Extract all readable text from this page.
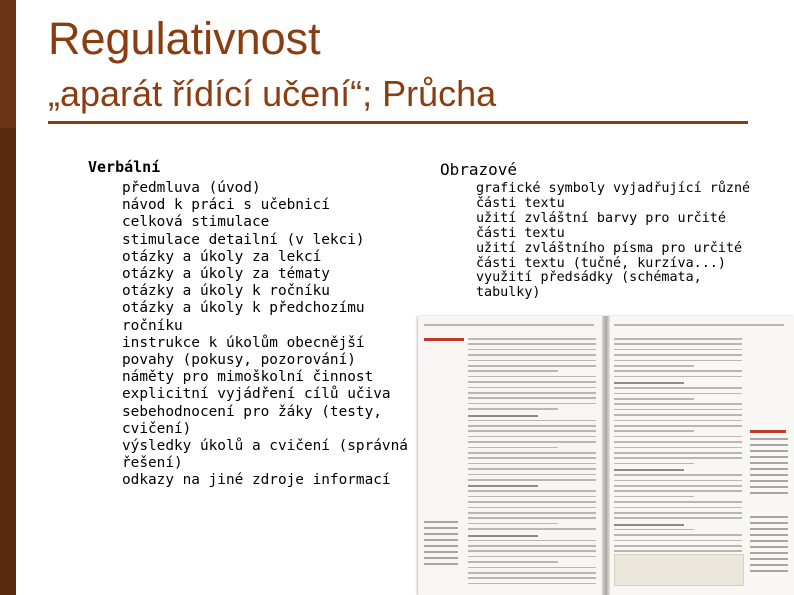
Regulativnost
„aparát řídící učení“; Průcha
Verbální
předmluva (úvod)
návod k práci s učebnicí
celková stimulace
stimulace detailní (v lekci)
otázky a úkoly za lekcí
otázky a úkoly za tématy
otázky a úkoly k ročníku
otázky a úkoly k předchozímu ročníku
instrukce k úkolům obecnější povahy (pokusy, pozorování)
náměty pro mimoškolní činnost
explicitní vyjádření cílů učiva
sebehodnocení pro žáky (testy, cvičení)
výsledky úkolů a cvičení (správná řešení)
odkazy na jiné zdroje informací
Obrazové
grafické symboly vyjadřující různé části textu
užití zvláštní barvy pro určité části textu
užití zvláštního písma pro určité části textu (tučné, kurzíva...)
využití předsádky (schémata, tabulky)
